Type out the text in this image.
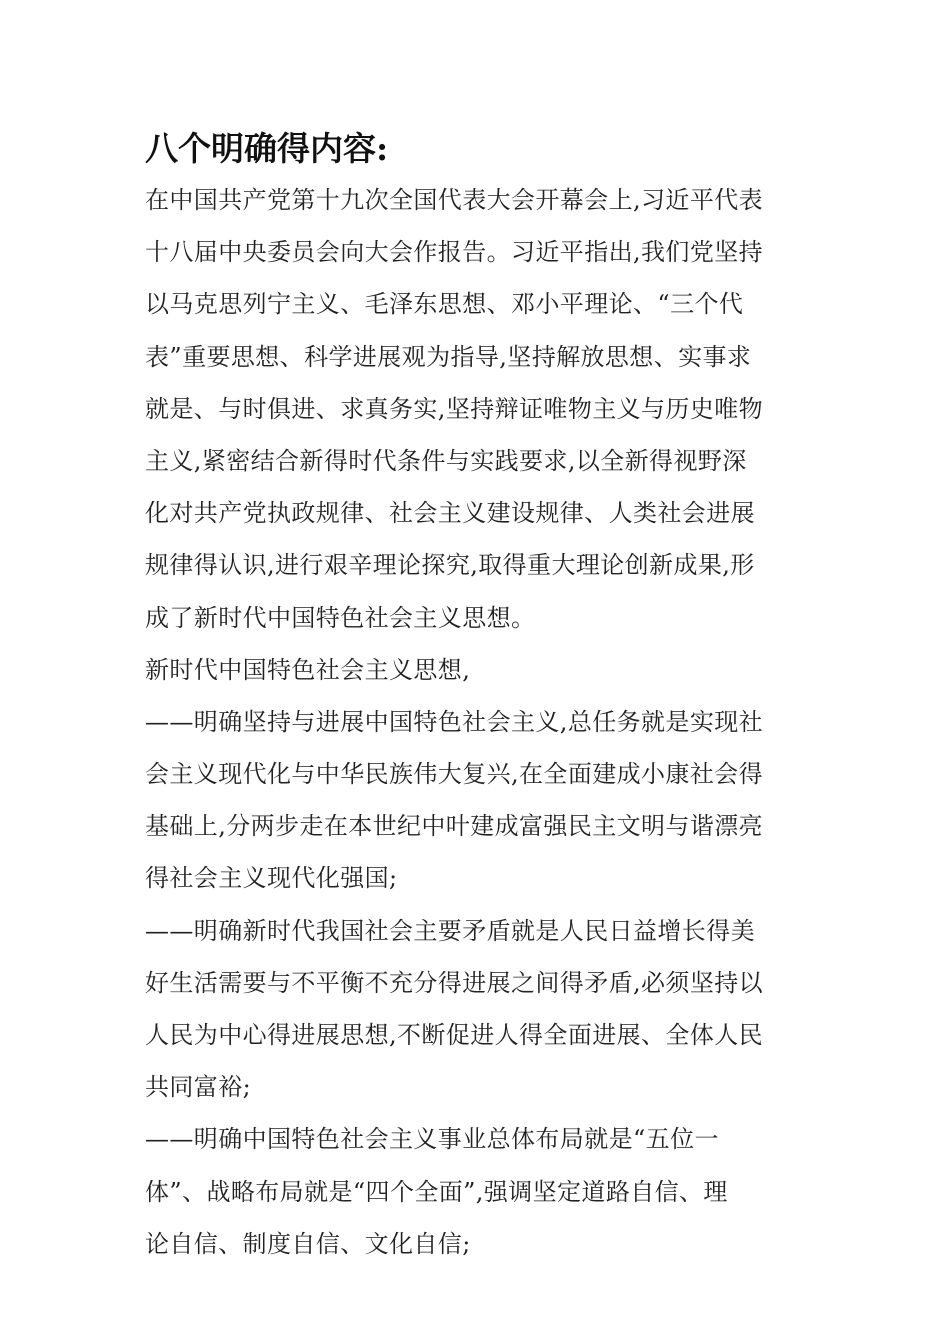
八个明确得内容:
在中国共产党第十九次全国代表大会开幕会上,习近平代表
十八届中央委员会向大会作报告。习近平指出,我们党坚持
以马克思列宁主义、毛泽东思想、邓小平理论、“三个代
表”重要思想、科学进展观为指导,坚持解放思想、实事求
就是、与时俱进、求真务实,坚持辩证唯物主义与历史唯物
主义,紧密结合新得时代条件与实践要求,以全新得视野深
化对共产党执政规律、社会主义建设规律、人类社会进展
规律得认识,进行艰辛理论探究,取得重大理论创新成果,形
成了新时代中国特色社会主义思想。
新时代中国特色社会主义思想,
——明确坚持与进展中国特色社会主义,总任务就是实现社
会主义现代化与中华民族伟大复兴,在全面建成小康社会得
基础上,分两步走在本世纪中叶建成富强民主文明与谐漂亮
得社会主义现代化强国;
——明确新时代我国社会主要矛盾就是人民日益增长得美
好生活需要与不平衡不充分得进展之间得矛盾,必须坚持以
人民为中心得进展思想,不断促进人得全面进展、全体人民
共同富裕;
——明确中国特色社会主义事业总体布局就是“五位一
体”、战略布局就是“四个全面”,强调坚定道路自信、理
论自信、制度自信、文化自信;
